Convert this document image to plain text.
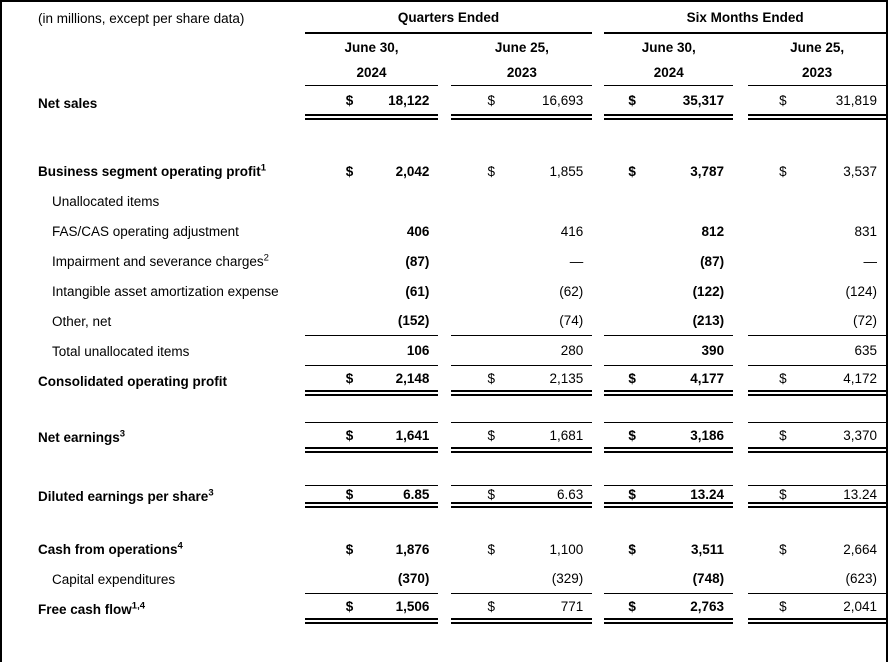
(in millions, except per share data)	Quarters Ended				Six Months Ended		
	June 30,		June 25,		June 30,		June 25,
	2024		2023		2024		2023
Net sales	$ 18,122		$ 16,693		$ 35,317		$ 31,819

Business segment operating profit$^1$	$ 2,042		$ 1,855		$ 3,787		$ 3,537
Unallocated items							
FAS/CAS operating adjustment	406		416		812		831
Impairment and severance charges$^2$	(87)		—		(87)		—
Intangible asset amortization expense	(61)		(62)		(122)		(124)
Other, net	(152)		(74)		(213)		(72)
Total unallocated items	106		280		390		635
Consolidated operating profit	$ 2,148		$ 2,135		$ 4,177		$ 4,172

Net earnings$^3$	$ 1,641		$ 1,681		$ 3,186		$ 3,370

Diluted earnings per share$^3$	$ 6.85		$ 6.63		$ 13.24		$ 13.24

Cash from operations$^4$	$ 1,876		$ 1,100		$ 3,511		$ 2,664
Capital expenditures	(370)		(329)		(748)		(623)
Free cash flow$^{1,4}$	$ 1,506		$ 771		$ 2,763		$ 2,041
